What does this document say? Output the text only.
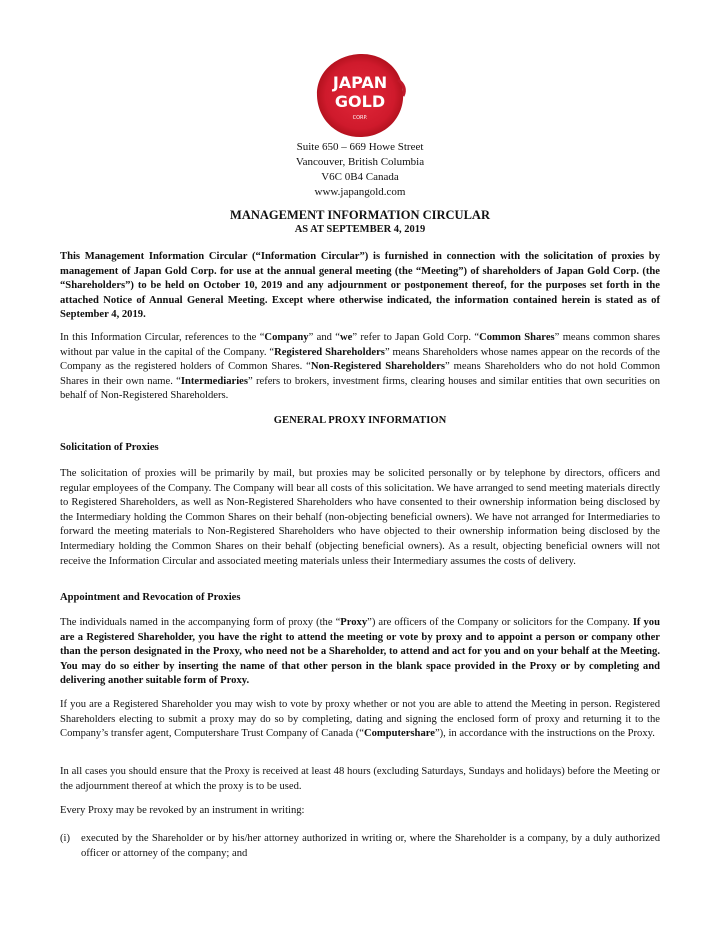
JAPAN
GOLD
CORP.
Suite 650 – 669 Howe Street
Vancouver, British Columbia
V6C 0B4 Canada
www.japangold.com
MANAGEMENT INFORMATION CIRCULAR
AS AT SEPTEMBER 4, 2019

This Management Information Circular (“Information Circular”) is furnished in connection with the solicitation of proxies by management of Japan Gold Corp. for use at the annual general meeting (the “Meeting”) of shareholders of Japan Gold Corp. (the “Shareholders”) to be held on October 10, 2019 and any adjournment or postponement thereof, for the purposes set forth in the attached Notice of Annual General Meeting. Except where otherwise indicated, the information contained herein is stated as of September 4, 2019.

In this Information Circular, references to the “Company” and “we” refer to Japan Gold Corp. “Common Shares” means common shares without par value in the capital of the Company. “Registered Shareholders” means Shareholders whose names appear on the records of the Company as the registered holders of Common Shares. “Non-Registered Shareholders” means Shareholders who do not hold Common Shares in their own name. “Intermediaries” refers to brokers, investment firms, clearing houses and similar entities that own securities on behalf of Non-Registered Shareholders.

GENERAL PROXY INFORMATION
Solicitation of Proxies

The solicitation of proxies will be primarily by mail, but proxies may be solicited personally or by telephone by directors, officers and regular employees of the Company. The Company will bear all costs of this solicitation. We have arranged to send meeting materials directly to Registered Shareholders, as well as Non-Registered Shareholders who have consented to their ownership information being disclosed by the Intermediary holding the Common Shares on their behalf (non-objecting beneficial owners). We have not arranged for Intermediaries to forward the meeting materials to Non-Registered Shareholders who have objected to their ownership information being disclosed by the Intermediary holding the Common Shares on their behalf (objecting beneficial owners). As a result, objecting beneficial owners will not receive the Information Circular and associated meeting materials unless their Intermediary assumes the costs of delivery.

Appointment and Revocation of Proxies

The individuals named in the accompanying form of proxy (the “Proxy”) are officers of the Company or solicitors for the Company. If you are a Registered Shareholder, you have the right to attend the meeting or vote by proxy and to appoint a person or company other than the person designated in the Proxy, who need not be a Shareholder, to attend and act for you and on your behalf at the Meeting. You may do so either by inserting the name of that other person in the blank space provided in the Proxy or by completing and delivering another suitable form of Proxy.

If you are a Registered Shareholder you may wish to vote by proxy whether or not you are able to attend the Meeting in person. Registered Shareholders electing to submit a proxy may do so by completing, dating and signing the enclosed form of proxy and returning it to the Company’s transfer agent, Computershare Trust Company of Canada (“Computershare”), in accordance with the instructions on the Proxy.

In all cases you should ensure that the Proxy is received at least 48 hours (excluding Saturdays, Sundays and holidays) before the Meeting or the adjournment thereof at which the proxy is to be used.

Every Proxy may be revoked by an instrument in writing:

(i) executed by the Shareholder or by his/her attorney authorized in writing or, where the Shareholder is a company, by a duly authorized officer or attorney of the company; and
